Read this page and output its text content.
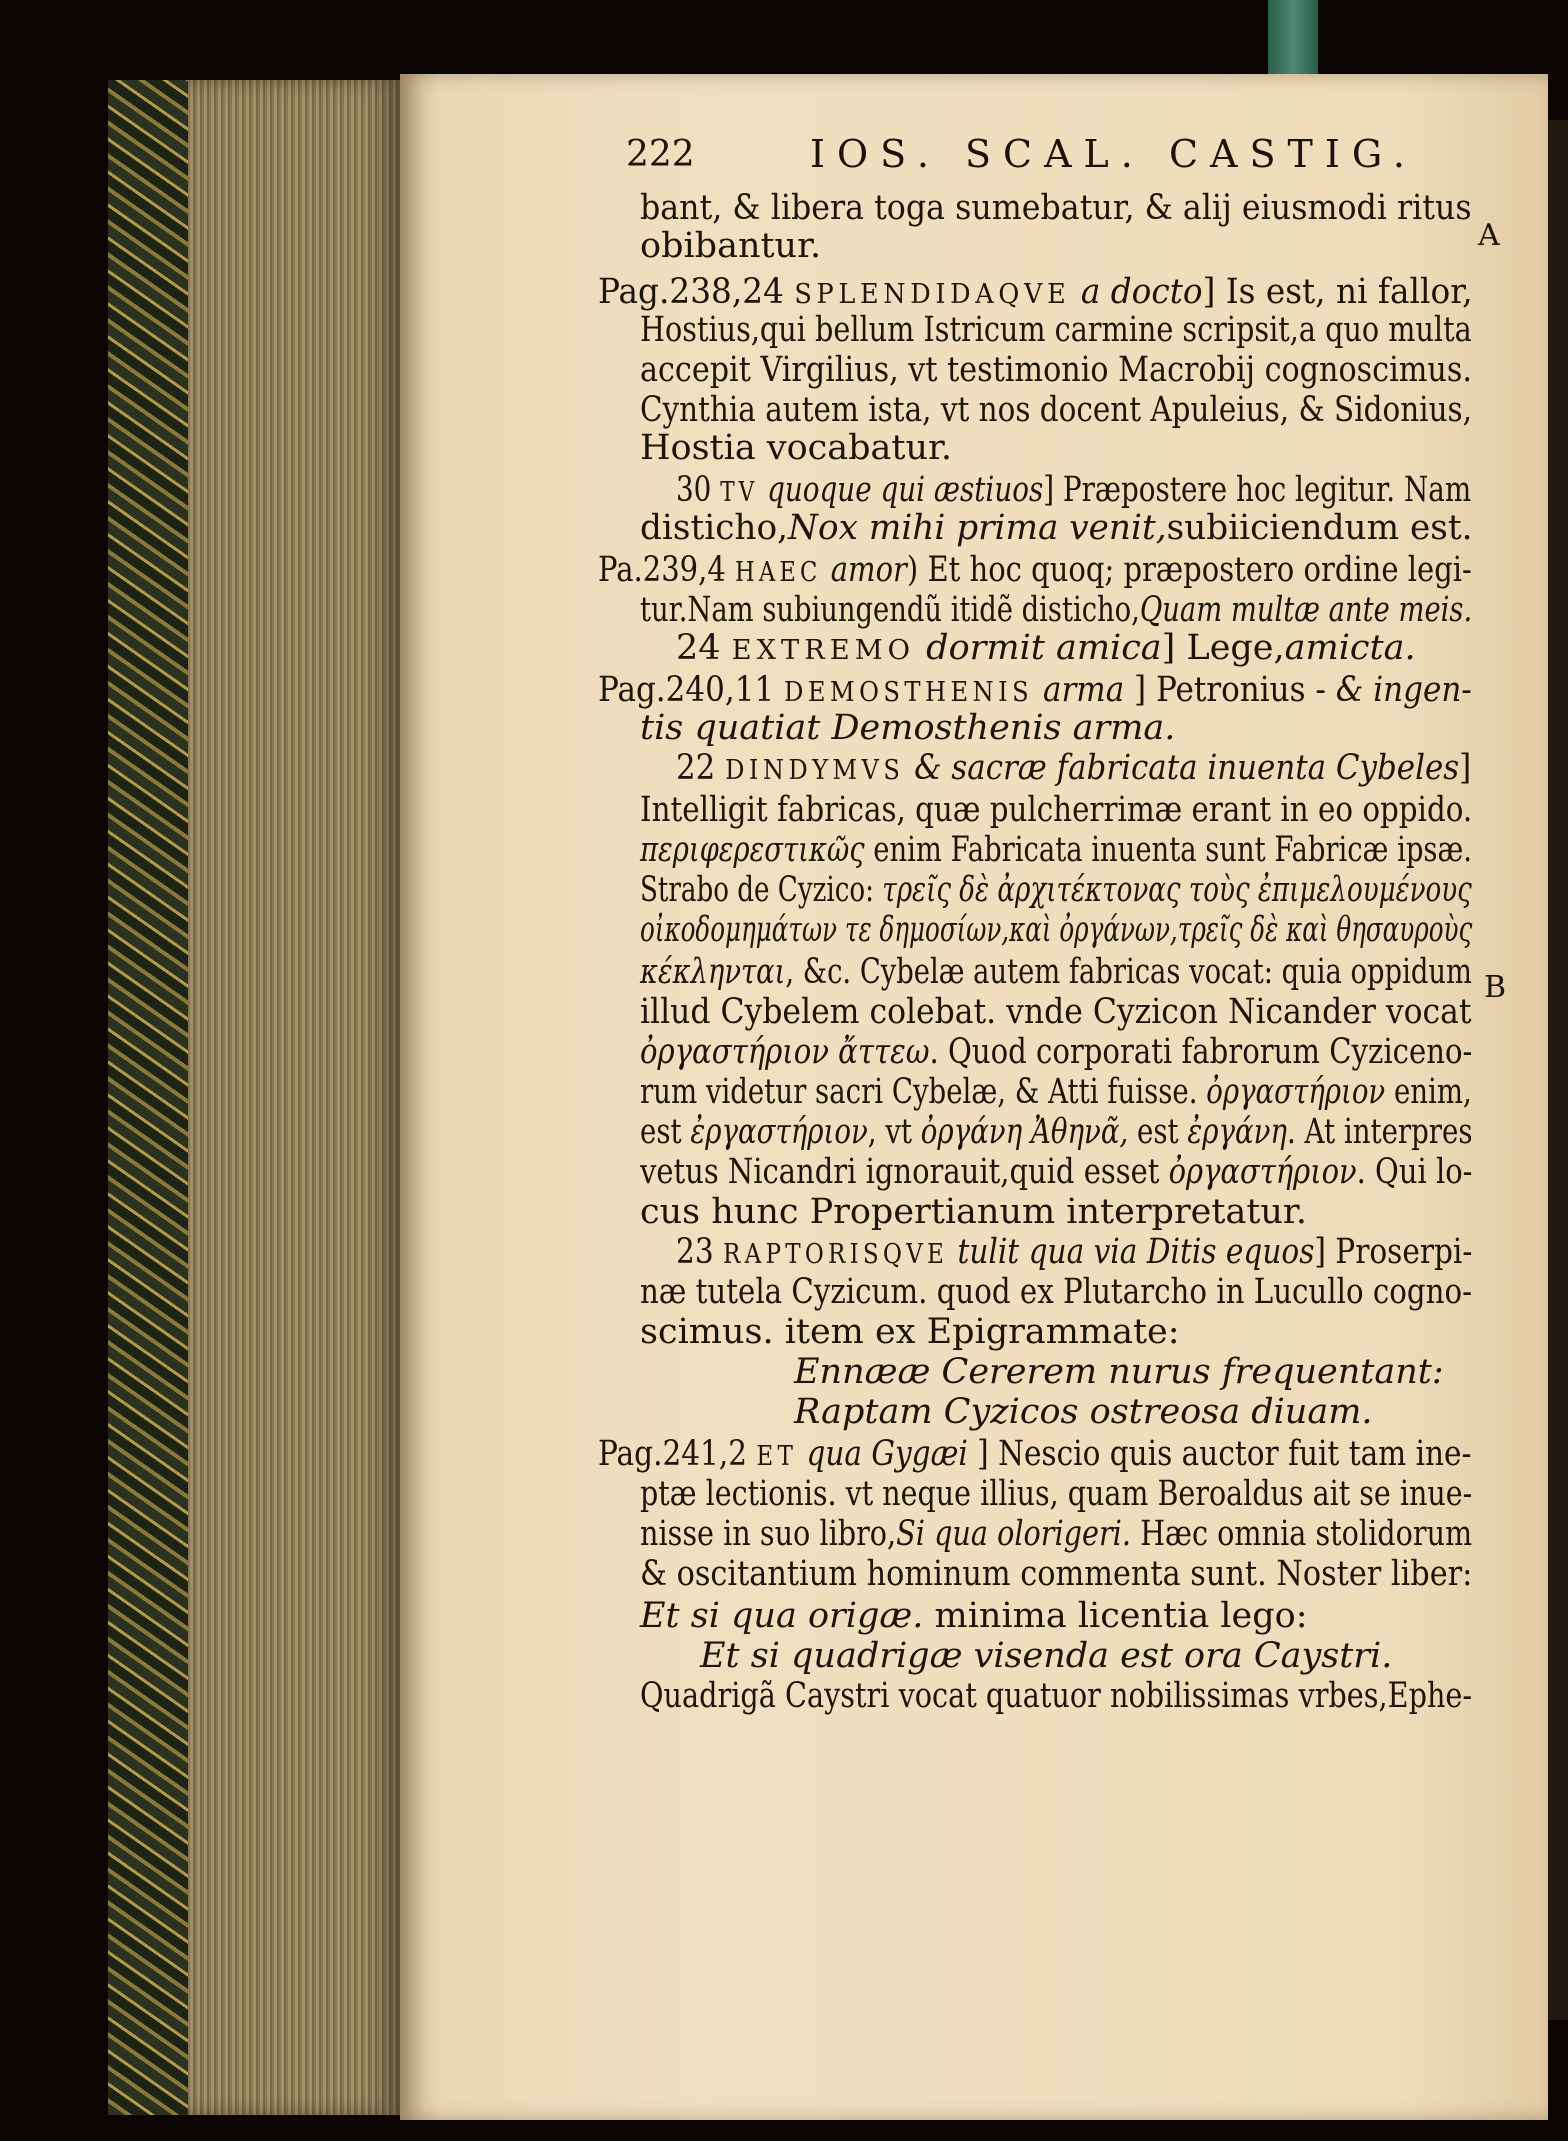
222	IOS. SCAL. CASTIG.
A
B
bant, & libera toga sumebatur, & alij eiusmodi ritus
obibantur.
Pag.238,24 SPLENDIDAQVE a docto] Is est, ni fallor,
Hostius,qui bellum Istricum carmine scripsit,a quo multa
accepit Virgilius, vt testimonio Macrobij cognoscimus.
Cynthia autem ista, vt nos docent Apuleius, & Sidonius,
Hostia vocabatur.
30 TV quoque qui æstiuos] Præpostere hoc legitur. Nam
disticho,Nox mihi prima venit,subiiciendum est.
Pa.239,4 HAEC amor) Et hoc quoq; præpostero ordine legi-
tur.Nam subiungendũ itidẽ disticho,Quam multæ ante meis.
24 EXTREMO dormit amica] Lege,amicta.
Pag.240,11 DEMOSTHENIS arma ] Petronius - & ingen-
tis quatiat Demosthenis arma.
22 DINDYMVS & sacræ fabricata inuenta Cybeles]
Intelligit fabricas, quæ pulcherrimæ erant in eo oppido.
περιφερεστικῶς enim Fabricata inuenta sunt Fabricæ ipsæ.
Strabo de Cyzico: τρεῖς δὲ ἀρχιτέκτονας τοὺς ἐπιμελουμένους
οἰκοδομημάτων τε δημοσίων,καὶ ὀργάνων,τρεῖς δὲ καὶ θησαυροὺς
κέκληνται, &c. Cybelæ autem fabricas vocat: quia oppidum
illud Cybelem colebat. vnde Cyzicon Nicander vocat
ὀργαστήριον ἄττεω. Quod corporati fabrorum Cyziceno-
rum videtur sacri Cybelæ, & Atti fuisse. ὀργαστήριον enim,
est ἐργαστήριον, vt ὀργάνη Ἀθηνᾶ, est ἐργάνη. At interpres
vetus Nicandri ignorauit,quid esset ὀργαστήριον. Qui lo-
cus hunc Propertianum interpretatur.
23 RAPTORISQVE tulit qua via Ditis equos] Proserpi-
næ tutela Cyzicum. quod ex Plutarcho in Lucullo cogno-
scimus. item ex Epigrammate:
Ennææ Cererem nurus frequentant:
Raptam Cyzicos ostreosa diuam.
Pag.241,2 ET qua Gygæi ] Nescio quis auctor fuit tam ine-
ptæ lectionis. vt neque illius, quam Beroaldus ait se inue-
nisse in suo libro,Si qua olorigeri. Hæc omnia stolidorum
& oscitantium hominum commenta sunt. Noster liber:
Et si qua origæ. minima licentia lego:
Et si quadrigæ visenda est ora Caystri.
Quadrigã Caystri vocat quatuor nobilissimas vrbes,Ephe-
